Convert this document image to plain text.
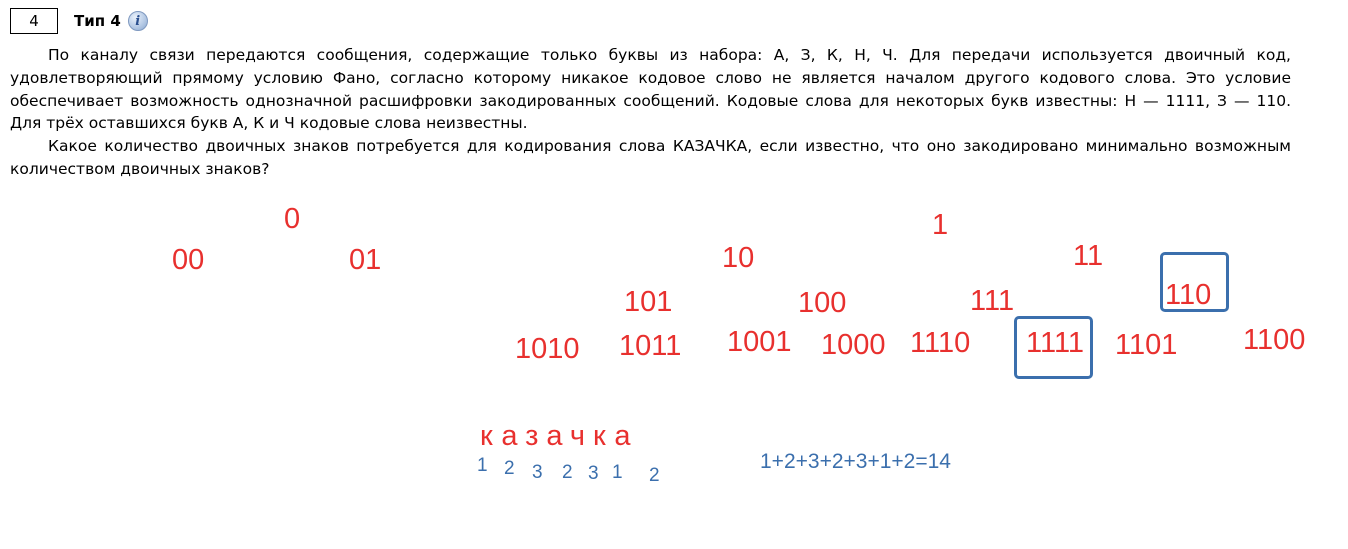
4	Тип 4	i

По каналу связи передаются сообщения, содержащие только буквы из набора: А, З, К, Н, Ч. Для передачи используется двоичный код, удовлетворяющий прямому условию Фано, согласно которому никакое кодовое слово не является началом другого кодового слова. Это условие обеспечивает возможность однозначной расшифровки закодированных сообщений. Кодовые слова для некоторых букв известны: Н — 1111, З — 110. Для трёх оставшихся букв А, К и Ч кодовые слова неизвестны.

Какое количество двоичных знаков потребуется для кодирования слова КАЗАЧКА, если известно, что оно закодировано минимально возможным количеством двоичных знаков?

0	1
00	01	10	11
101	100	111	110
1010 1011 1001 1000 1110 1111 1101 1100
казачка
1 2 3 2 3 1 2
1+2+3+2+3+1+2=14
